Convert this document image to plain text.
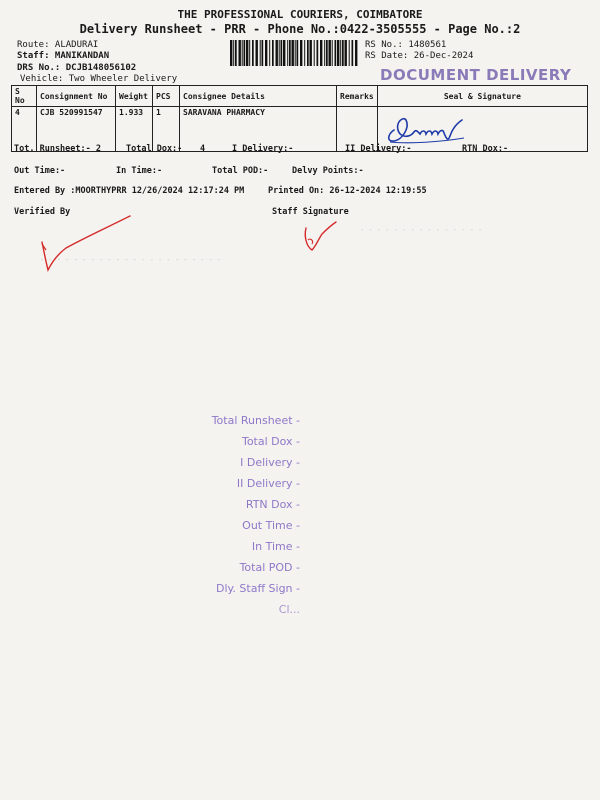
THE PROFESSIONAL COURIERS, COIMBATORE
Delivery Runsheet - PRR - Phone No.:0422-3505555 - Page No.:2
Route: ALADURAI
Staff: MANIKANDAN
DRS No.: DCJB148056102
Vehicle: Two Wheeler Delivery
RS No.: 1480561
RS Date: 26-Dec-2024
DOCUMENT DELIVERY
S No	Consignment No	Weight	PCS	Consignee Details	Remarks	Seal & Signature
4	CJB 520991547	1.933	1	SARAVANA PHARMACY		
Tot. Runsheet:- 2	Total Dox:- 4	I Delivery:-	II Delivery:-	RTN Dox:-
Out Time:-	In Time:-	Total POD:-	Delvy Points:-
Entered By :MOORTHYPRR 12/26/2024 12:17:24 PM	Printed On: 26-12-2024 12:19:55
Verified By	Staff Signature
- - - - - - - - - - - - - - -
- - - - - - - - - - - - - - - - - - - - - -
Total Runsheet -
Total Dox -
I Delivery -
II Delivery -
RTN Dox -
Out Time -
In Time -
Total POD -
Dly. Staff Sign -
Cl...
